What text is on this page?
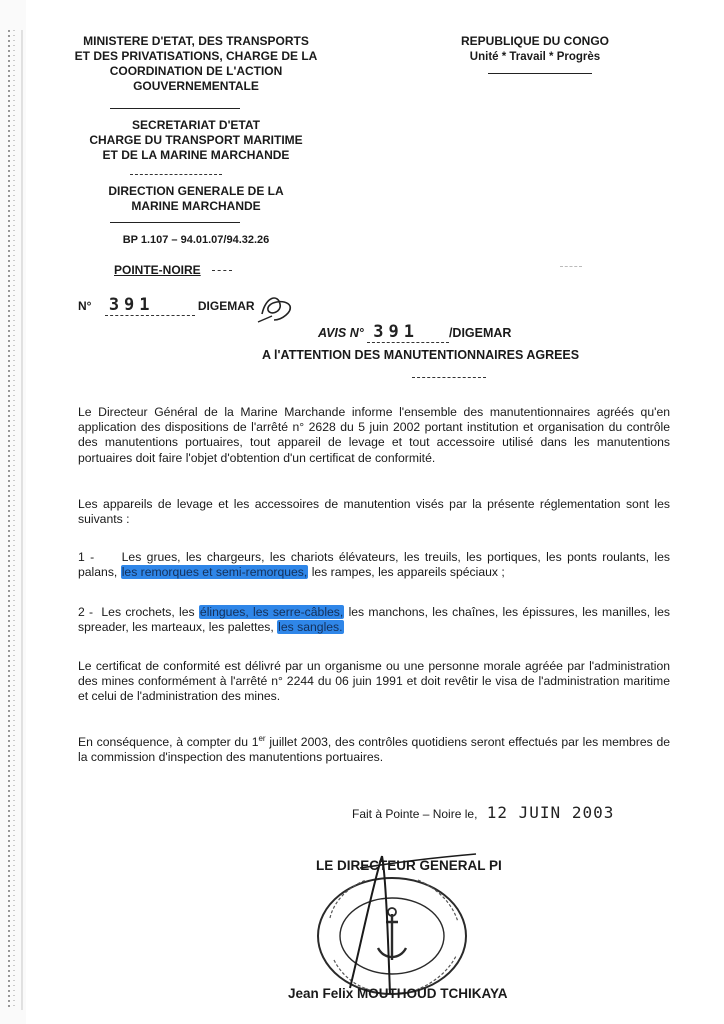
MINISTERE D'ETAT, DES TRANSPORTS
ET DES PRIVATISATIONS, CHARGE DE LA
COORDINATION DE L'ACTION
GOUVERNEMENTALE
SECRETARIAT D'ETAT
CHARGE DU TRANSPORT MARITIME
ET DE LA MARINE MARCHANDE
DIRECTION GENERALE DE LA
MARINE MARCHANDE
BP 1.107 – 94.01.07/94.32.26
POINTE-NOIRE
N° 391	DIGEMAR
REPUBLIQUE DU CONGO
Unité * Travail * Progrès
AVIS N° 391 /DIGEMAR
A l'ATTENTION DES MANUTENTIONNAIRES AGREES

Le Directeur Général de la Marine Marchande informe l'ensemble des manutentionnaires agréés qu'en application des dispositions de l'arrêté n° 2628 du 5 juin 2002 portant institution et organisation du contrôle des manutentions portuaires, tout appareil de levage et tout accessoire utilisé dans les manutentions portuaires doit faire l'objet d'obtention d'un certificat de conformité.

Les appareils de levage et les accessoires de manutention visés par la présente réglementation sont les suivants :

1 - Les grues, les chargeurs, les chariots élévateurs, les treuils, les portiques, les ponts roulants, les palans, les remorques et semi-remorques, les rampes, les appareils spéciaux ;

2 - Les crochets, les élingues, les serre-câbles, les manchons, les chaînes, les épissures, les manilles, les spreader, les marteaux, les palettes, les sangles.

Le certificat de conformité est délivré par un organisme ou une personne morale agréée par l'administration des mines conformément à l'arrêté n° 2244 du 06 juin 1991 et doit revêtir le visa de l'administration maritime et celui de l'administration des mines.

En conséquence, à compter du 1er juillet 2003, des contrôles quotidiens seront effectués par les membres de la commission d'inspection des manutentions portuaires.

Fait à Pointe – Noire le, 12 JUIN 2003
LE DIRECTEUR GENERAL PI
Jean Felix MOUTHOUD TCHIKAYA
